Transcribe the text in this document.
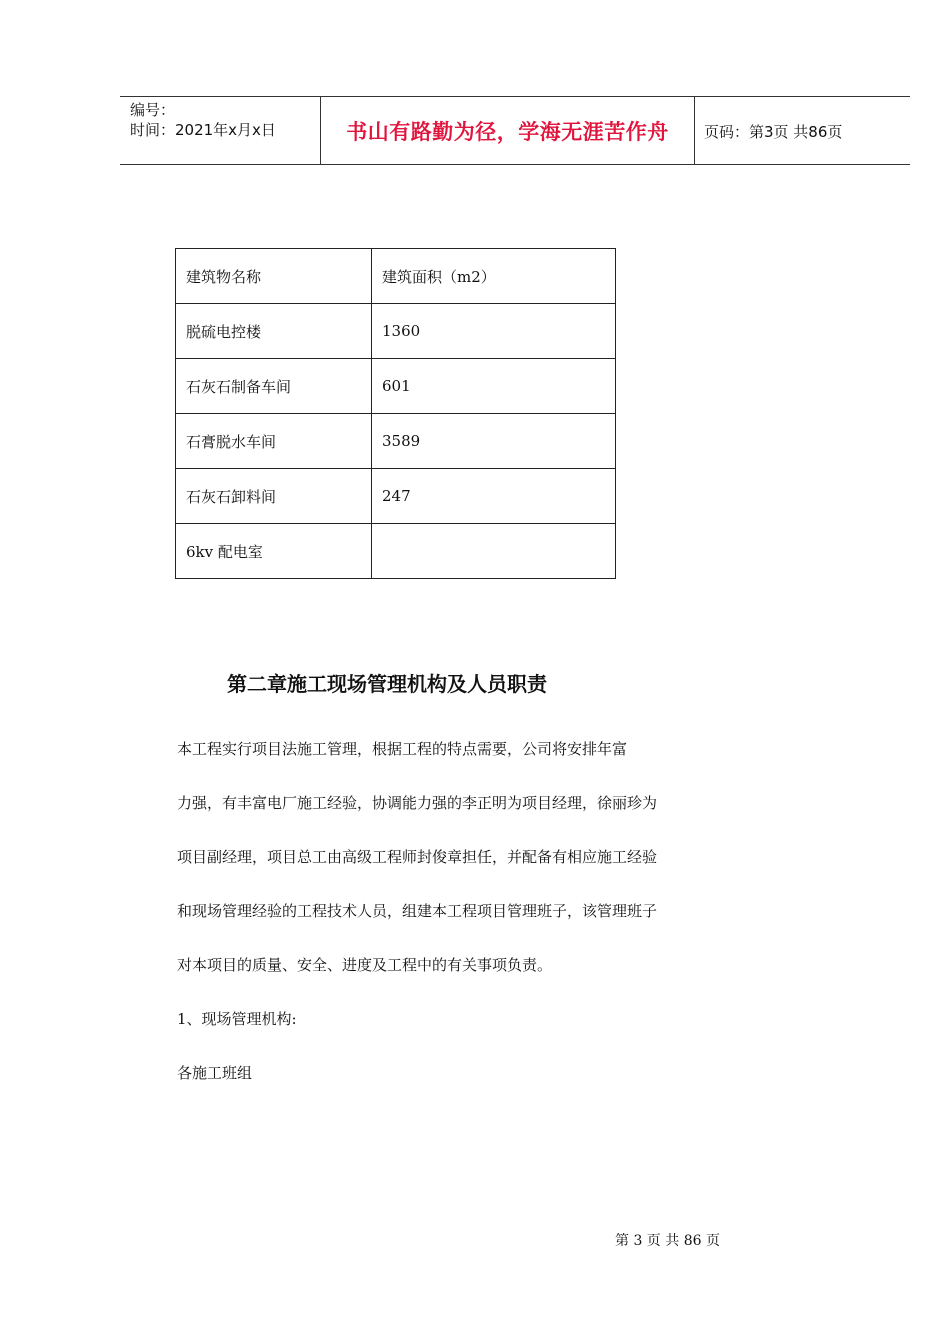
编号：
时间：2021年x月x日	书山有路勤为径，学海无涯苦作舟	页码：第3页 共86页
建筑物名称	建筑面积（m2）
脱硫电控楼	1360
石灰石制备车间	601
石膏脱水车间	3589
石灰石卸料间	247
6kv 配电室	
第二章施工现场管理机构及人员职责
本工程实行项目法施工管理，根据工程的特点需要，公司将安排年富
力强，有丰富电厂施工经验，协调能力强的李正明为项目经理，徐丽珍为
项目副经理，项目总工由高级工程师封俊章担任，并配备有相应施工经验
和现场管理经验的工程技术人员，组建本工程项目管理班子，该管理班子
对本项目的质量、安全、进度及工程中的有关事项负责。
1、现场管理机构:
各施工班组
第 3 页 共 86 页
